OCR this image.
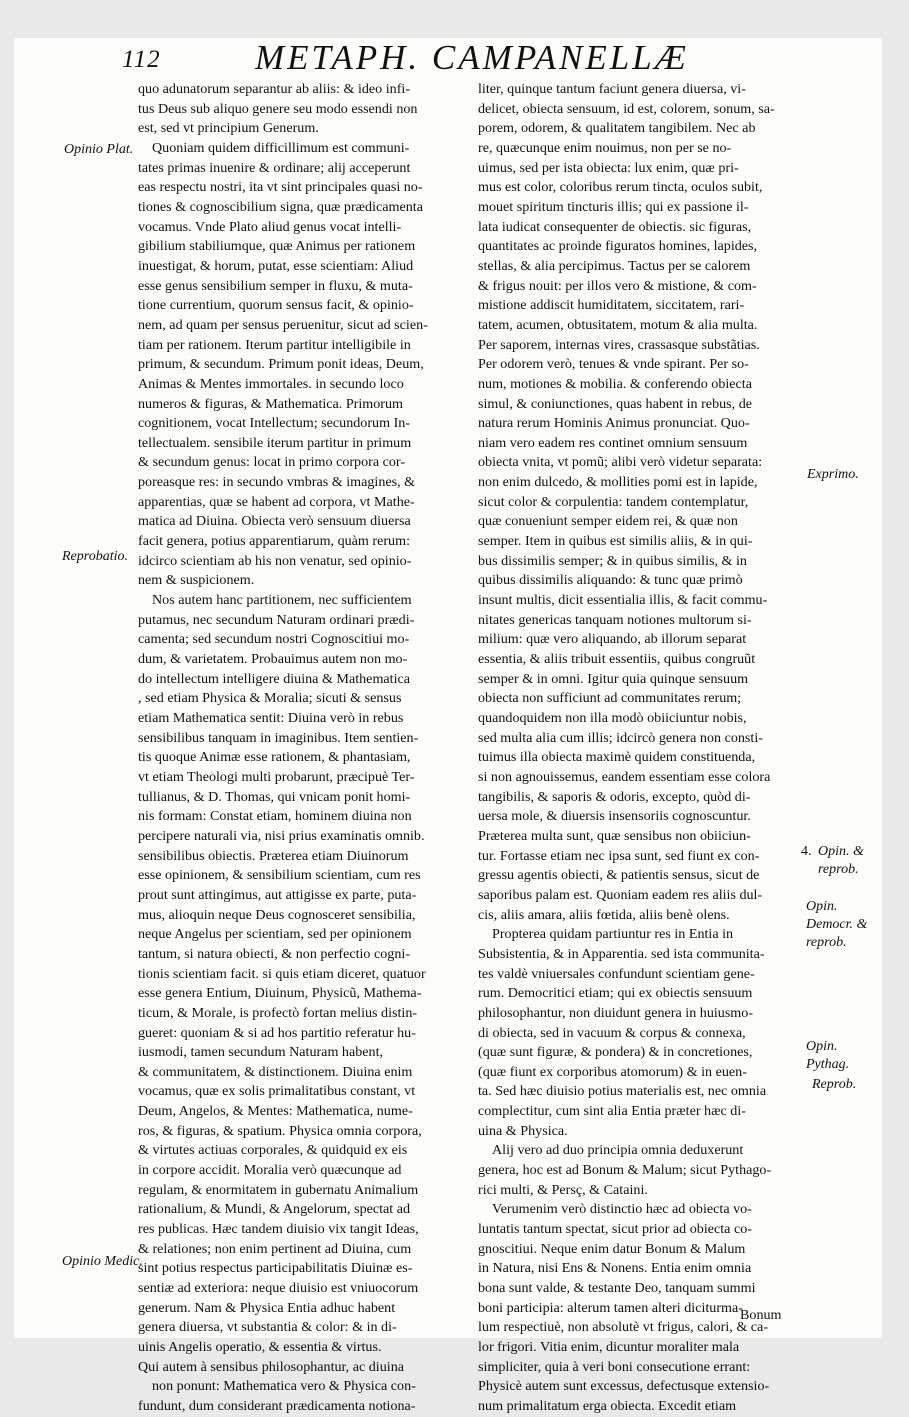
112	METAPH. CAMPANELLÆ
quo adunatorum separantur ab aliis: & ideo infi-
tus Deus sub aliquo genere seu modo essendi non
est, sed vt principium Generum.
Quoniam quidem difficillimum est communi-
tates primas inuenire & ordinare; alij acceperunt
eas respectu nostri, ita vt sint principales quasi no-
tiones & cognoscibilium signa, quæ prædicamenta
vocamus. Vnde Plato aliud genus vocat intelli-
gibilium stabiliumque, quæ Animus per rationem
inuestigat, & horum, putat, esse scientiam: Aliud
esse genus sensibilium semper in fluxu, & muta-
tione currentium, quorum sensus facit, & opinio-
nem, ad quam per sensus peruenitur, sicut ad scien-
tiam per rationem. Iterum partitur intelligibile in
primum, & secundum. Primum ponit ideas, Deum,
Animas & Mentes immortales. in secundo loco
numeros & figuras, & Mathematica. Primorum
cognitionem, vocat Intellectum; secundorum In-
tellectualem. sensibile iterum partitur in primum
& secundum genus: locat in primo corpora cor-
poreasque res: in secundo vmbras & imagines, &
apparentias, quæ se habent ad corpora, vt Mathe-
matica ad Diuina. Obiecta verò sensuum diuersa
facit genera, potius apparentiarum, quàm rerum:
idcirco scientiam ab his non venatur, sed opinio-
nem & suspicionem.
Nos autem hanc partitionem, nec sufficientem
putamus, nec secundum Naturam ordinari prædi-
camenta; sed secundum nostri Cognoscitiui mo-
dum, & varietatem. Probauimus autem non mo-
do intellectum intelligere diuina & Mathematica
, sed etiam Physica & Moralia; sicuti & sensus
etiam Mathematica sentit: Diuina verò in rebus
sensibilibus tanquam in imaginibus. Item sentien-
tis quoque Animæ esse rationem, & phantasiam,
vt etiam Theologi multi probarunt, præcipuè Ter-
tullianus, & D. Thomas, qui vnicam ponit homi-
nis formam: Constat etiam, hominem diuina non
percipere naturali via, nisi prius examinatis omnib.
sensibilibus obiectis. Præterea etiam Diuinorum
esse opinionem, & sensibilium scientiam, cum res
prout sunt attingimus, aut attigisse ex parte, puta-
mus, alioquin neque Deus cognosceret sensibilia,
neque Angelus per scientiam, sed per opinionem
tantum, si natura obiecti, & non perfectio cogni-
tionis scientiam facit. si quis etiam diceret, quatuor
esse genera Entium, Diuinum, Physicũ, Mathema-
ticum, & Morale, is profectò fortan melius distin-
gueret: quoniam & si ad hos partitio referatur hu-
iusmodi, tamen secundum Naturam habent,
& communitatem, & distinctionem. Diuina enim
vocamus, quæ ex solis primalitatibus constant, vt
Deum, Angelos, & Mentes: Mathematica, nume-
ros, & figuras, & spatium. Physica omnia corpora,
& virtutes actiuas corporales, & quidquid ex eis
in corpore accidit. Moralia verò quæcunque ad
regulam, & enormitatem in gubernatu Animalium
rationalium, & Mundi, & Angelorum, spectat ad
res publicas. Hæc tandem diuisio vix tangit Ideas,
& relationes; non enim pertinent ad Diuina, cum
sint potius respectus participabilitatis Diuinæ es-
sentiæ ad exteriora: neque diuisio est vniuocorum
generum. Nam & Physica Entia adhuc habent
genera diuersa, vt substantia & color: & in di-
uinis Angelis operatio, & essentia & virtus.
Qui autem à sensibus philosophantur, ac diuina
non ponunt: Mathematica vero & Physica con-
fundunt, dum considerant prædicamenta notiona-
liter, quinque tantum faciunt genera diuersa, vi-
delicet, obiecta sensuum, id est, colorem, sonum, sa-
porem, odorem, & qualitatem tangibilem. Nec ab
re, quæcunque enim nouimus, non per se no-
uimus, sed per ista obiecta: lux enim, quæ pri-
mus est color, coloribus rerum tincta, oculos subit,
mouet spiritum tincturis illis; qui ex passione il-
lata iudicat consequenter de obiectis. sic figuras,
quantitates ac proinde figuratos homines, lapides,
stellas, & alia percipimus. Tactus per se calorem
& frigus nouit: per illos vero & mistione, & com-
mistione addiscit humiditatem, siccitatem, rari-
tatem, acumen, obtusitatem, motum & alia multa.
Per saporem, internas vires, crassasque substãtias.
Per odorem verò, tenues & vnde spirant. Per so-
num, motiones & mobilia. & conferendo obiecta
simul, & coniunctiones, quas habent in rebus, de
natura rerum Hominis Animus pronunciat. Quo-
niam vero eadem res continet omnium sensuum
obiecta vnita, vt pomũ; alibi verò videtur separata:
non enim dulcedo, & mollities pomi est in lapide,
sicut color & corpulentia: tandem contemplatur,
quæ conueniunt semper eidem rei, & quæ non
semper. Item in quibus est similis aliis, & in qui-
bus dissimilis semper; & in quibus similis, & in
quibus dissimilis aliquando: & tunc quæ primò
insunt multis, dicit essentialia illis, & facit commu-
nitates genericas tanquam notiones multorum si-
milium: quæ vero aliquando, ab illorum separat
essentia, & aliis tribuit essentiis, quibus congruũt
semper & in omni. Igitur quia quinque sensuum
obiecta non sufficiunt ad communitates rerum;
quandoquidem non illa modò obiiciuntur nobis,
sed multa alia cum illis; idcircò genera non consti-
tuimus illa obiecta maximè quidem constituenda,
si non agnouissemus, eandem essentiam esse colora
tangibilis, & saporis & odoris, excepto, quòd di-
uersa mole, & diuersis insensoriis cognoscuntur.
Præterea multa sunt, quæ sensibus non obiiciun-
tur. Fortasse etiam nec ipsa sunt, sed fiunt ex con-
gressu agentis obiecti, & patientis sensus, sicut de
saporibus palam est. Quoniam eadem res aliis dul-
cis, aliis amara, aliis fœtida, aliis benè olens.
Propterea quidam partiuntur res in Entia in
Subsistentia, & in Apparentia. sed ista communita-
tes valdè vniuersales confundunt scientiam gene-
rum. Democritici etiam; qui ex obiectis sensuum
philosophantur, non diuidunt genera in huiusmo-
di obiecta, sed in vacuum & corpus & connexa,
(quæ sunt figuræ, & pondera) & in concretiones,
(quæ fiunt ex corporibus atomorum) & in euen-
ta. Sed hæc diuisio potius materialis est, nec omnia
complectitur, cum sint alia Entia præter hæc di-
uina & Physica.
Alij vero ad duo principia omnia deduxerunt
genera, hoc est ad Bonum & Malum; sicut Pythago-
rici multi, & Persç, & Cataini.
Verumenim verò distinctio hæc ad obiecta vo-
luntatis tantum spectat, sicut prior ad obiecta co-
gnoscitiui. Neque enim datur Bonum & Malum
in Natura, nisi Ens & Nonens. Entia enim omnia
bona sunt valde, & testante Deo, tanquam summi
boni participia: alterum tamen alteri diciturma-
lum respectiuè, non absolutè vt frigus, calori, & ca-
lor frigori. Vitia enim, dicuntur moraliter mala
simpliciter, quia à veri boni consecutione errant:
Physicè autem sunt excessus, defectusque extensio-
num primalitatum erga obiecta. Excedit etiam
Opinio Plat.
Reprobatio.
Opinio Medic.
Exprimo.
4. Opin. & reprob.
Opin. Democr. & reprob.
Opin. Pythag.
Reprob.
Bonum
